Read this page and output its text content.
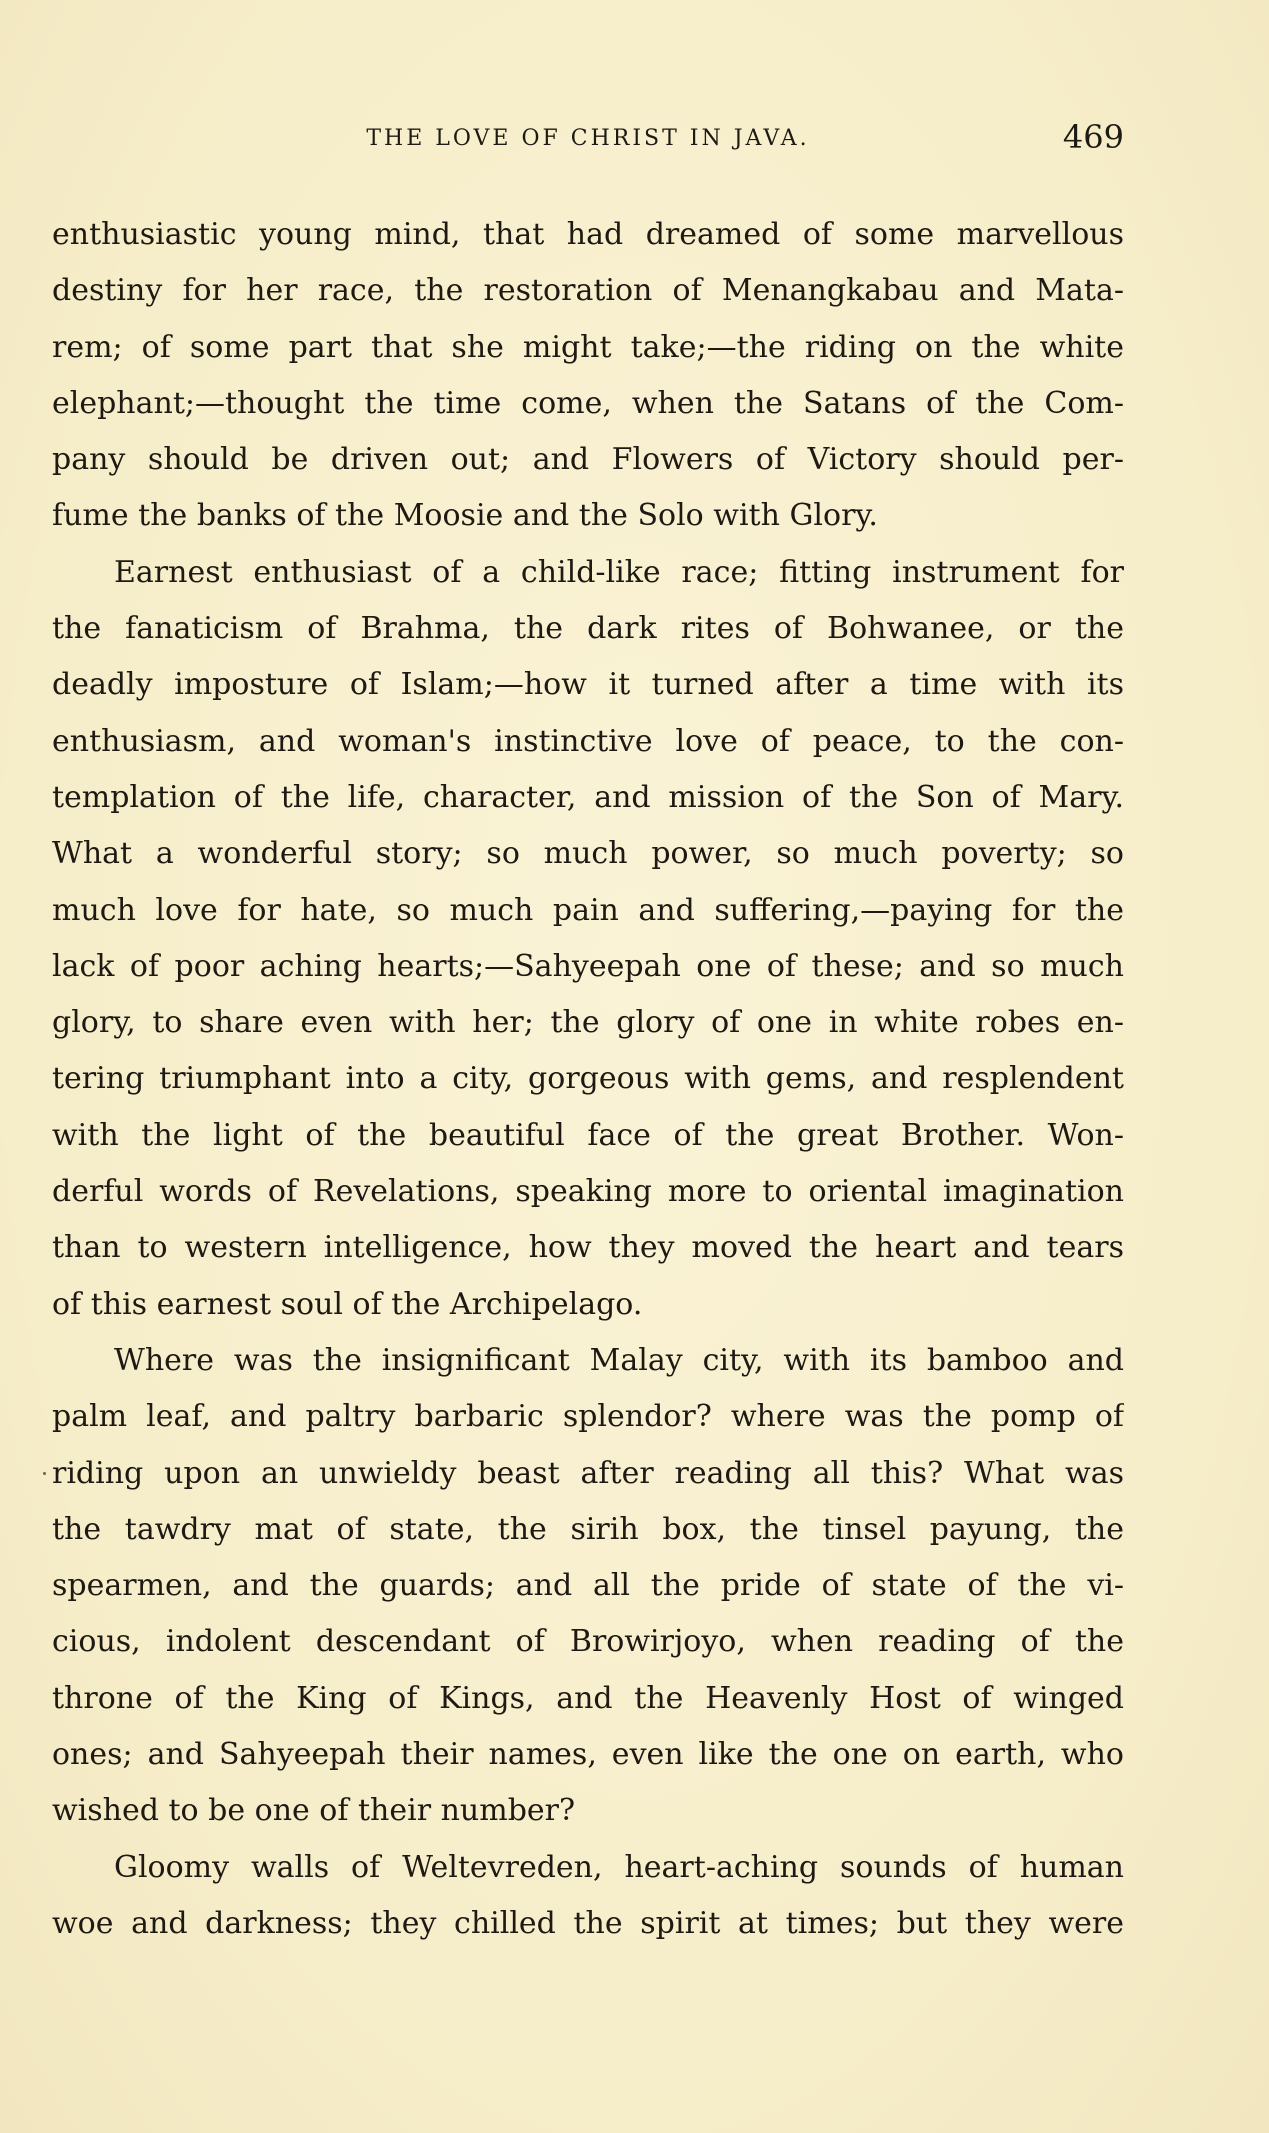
THE LOVE OF CHRIST IN JAVA.	469
enthusiastic young mind, that had dreamed of some marvellous
destiny for her race, the restoration of Menangkabau and Mata-
rem; of some part that she might take;—the riding on the white
elephant;—thought the time come, when the Satans of the Com-
pany should be driven out; and Flowers of Victory should per-
fume the banks of the Moosie and the Solo with Glory.
Earnest enthusiast of a child-like race; fitting instrument for
the fanaticism of Brahma, the dark rites of Bohwanee, or the
deadly imposture of Islam;—how it turned after a time with its
enthusiasm, and woman's instinctive love of peace, to the con-
templation of the life, character, and mission of the Son of Mary.
What a wonderful story; so much power, so much poverty; so
much love for hate, so much pain and suffering,—paying for the
lack of poor aching hearts;—Sahyeepah one of these; and so much
glory, to share even with her; the glory of one in white robes en-
tering triumphant into a city, gorgeous with gems, and resplendent
with the light of the beautiful face of the great Brother. Won-
derful words of Revelations, speaking more to oriental imagination
than to western intelligence, how they moved the heart and tears
of this earnest soul of the Archipelago.
Where was the insignificant Malay city, with its bamboo and
palm leaf, and paltry barbaric splendor? where was the pomp of
riding upon an unwieldy beast after reading all this? What was
the tawdry mat of state, the sirih box, the tinsel payung, the
spearmen, and the guards; and all the pride of state of the vi-
cious, indolent descendant of Browirjoyo, when reading of the
throne of the King of Kings, and the Heavenly Host of winged
ones; and Sahyeepah their names, even like the one on earth, who
wished to be one of their number?
Gloomy walls of Weltevreden, heart-aching sounds of human
woe and darkness; they chilled the spirit at times; but they were
